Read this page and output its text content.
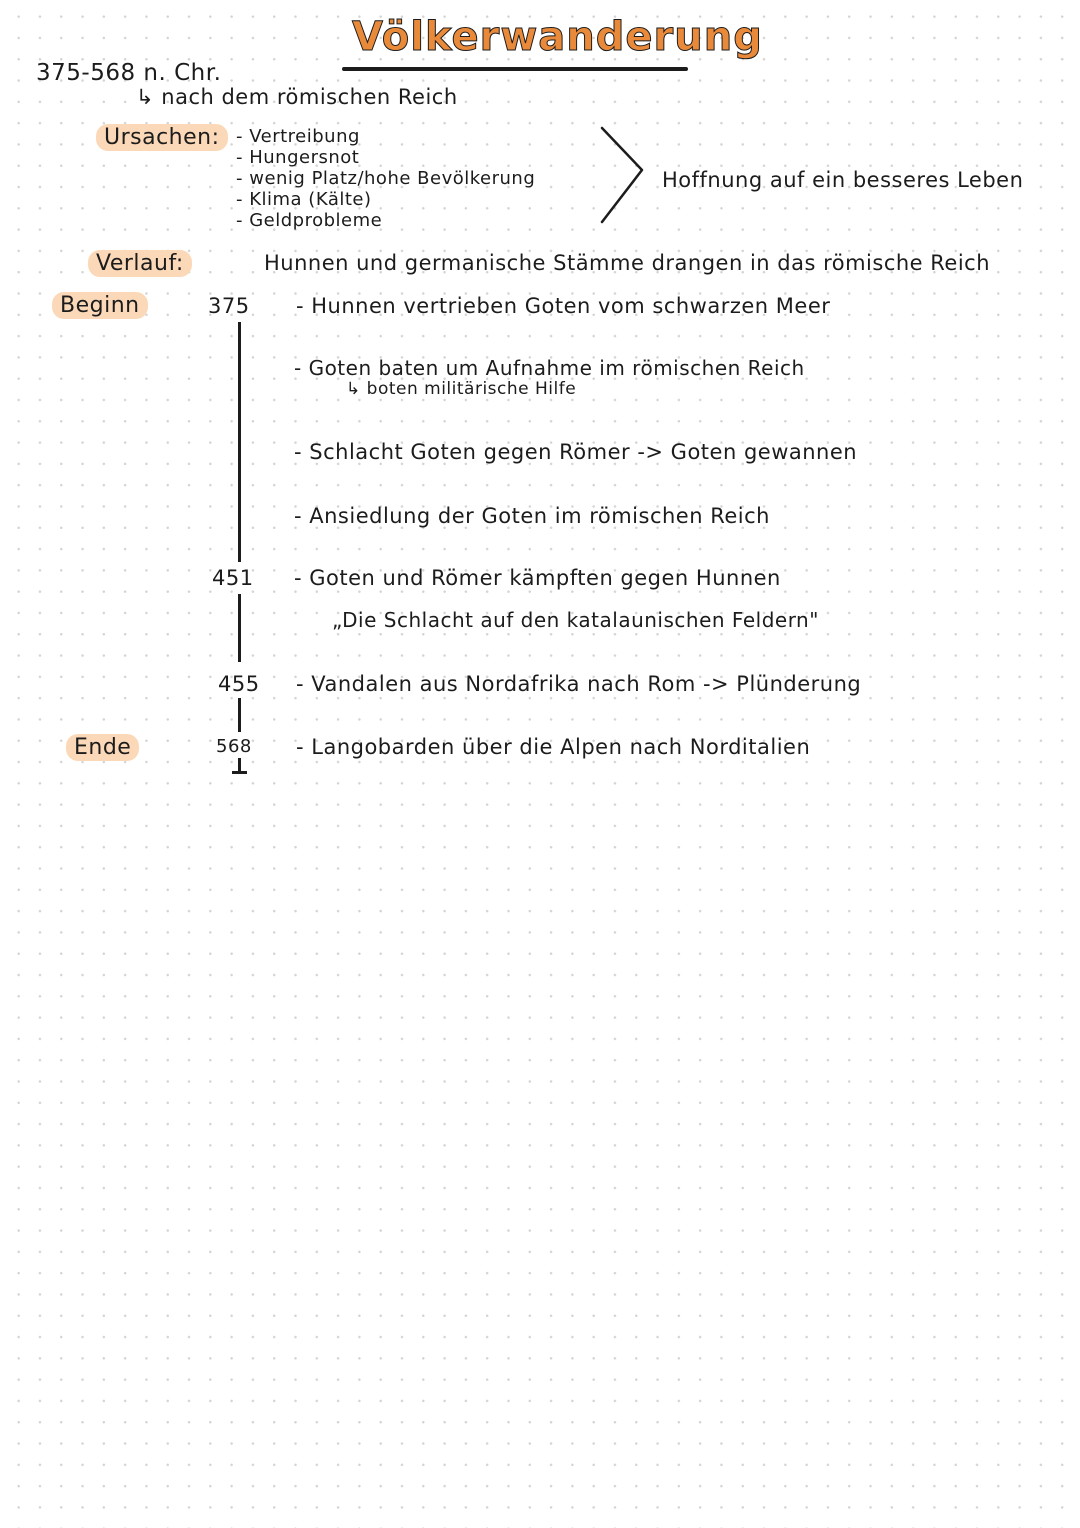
Völkerwanderung
375-568 n. Chr.
↳ nach dem römischen Reich
Ursachen: - Vertreibung
- Hungersnot
- wenig Platz/hohe Bevölkerung
- Klima (Kälte)
- Geldprobleme
Hoffnung auf ein besseres Leben
Verlauf:	Hunnen und germanische Stämme drangen in das römische Reich
Beginn
Ende
375
451
455
568
- Hunnen vertrieben Goten vom schwarzen Meer
- Goten baten um Aufnahme im römischen Reich
↳ boten militärische Hilfe
- Schlacht Goten gegen Römer -> Goten gewannen
- Ansiedlung der Goten im römischen Reich
- Goten und Römer kämpften gegen Hunnen
„Die Schlacht auf den katalaunischen Feldern"
- Vandalen aus Nordafrika nach Rom -> Plünderung
- Langobarden über die Alpen nach Norditalien
